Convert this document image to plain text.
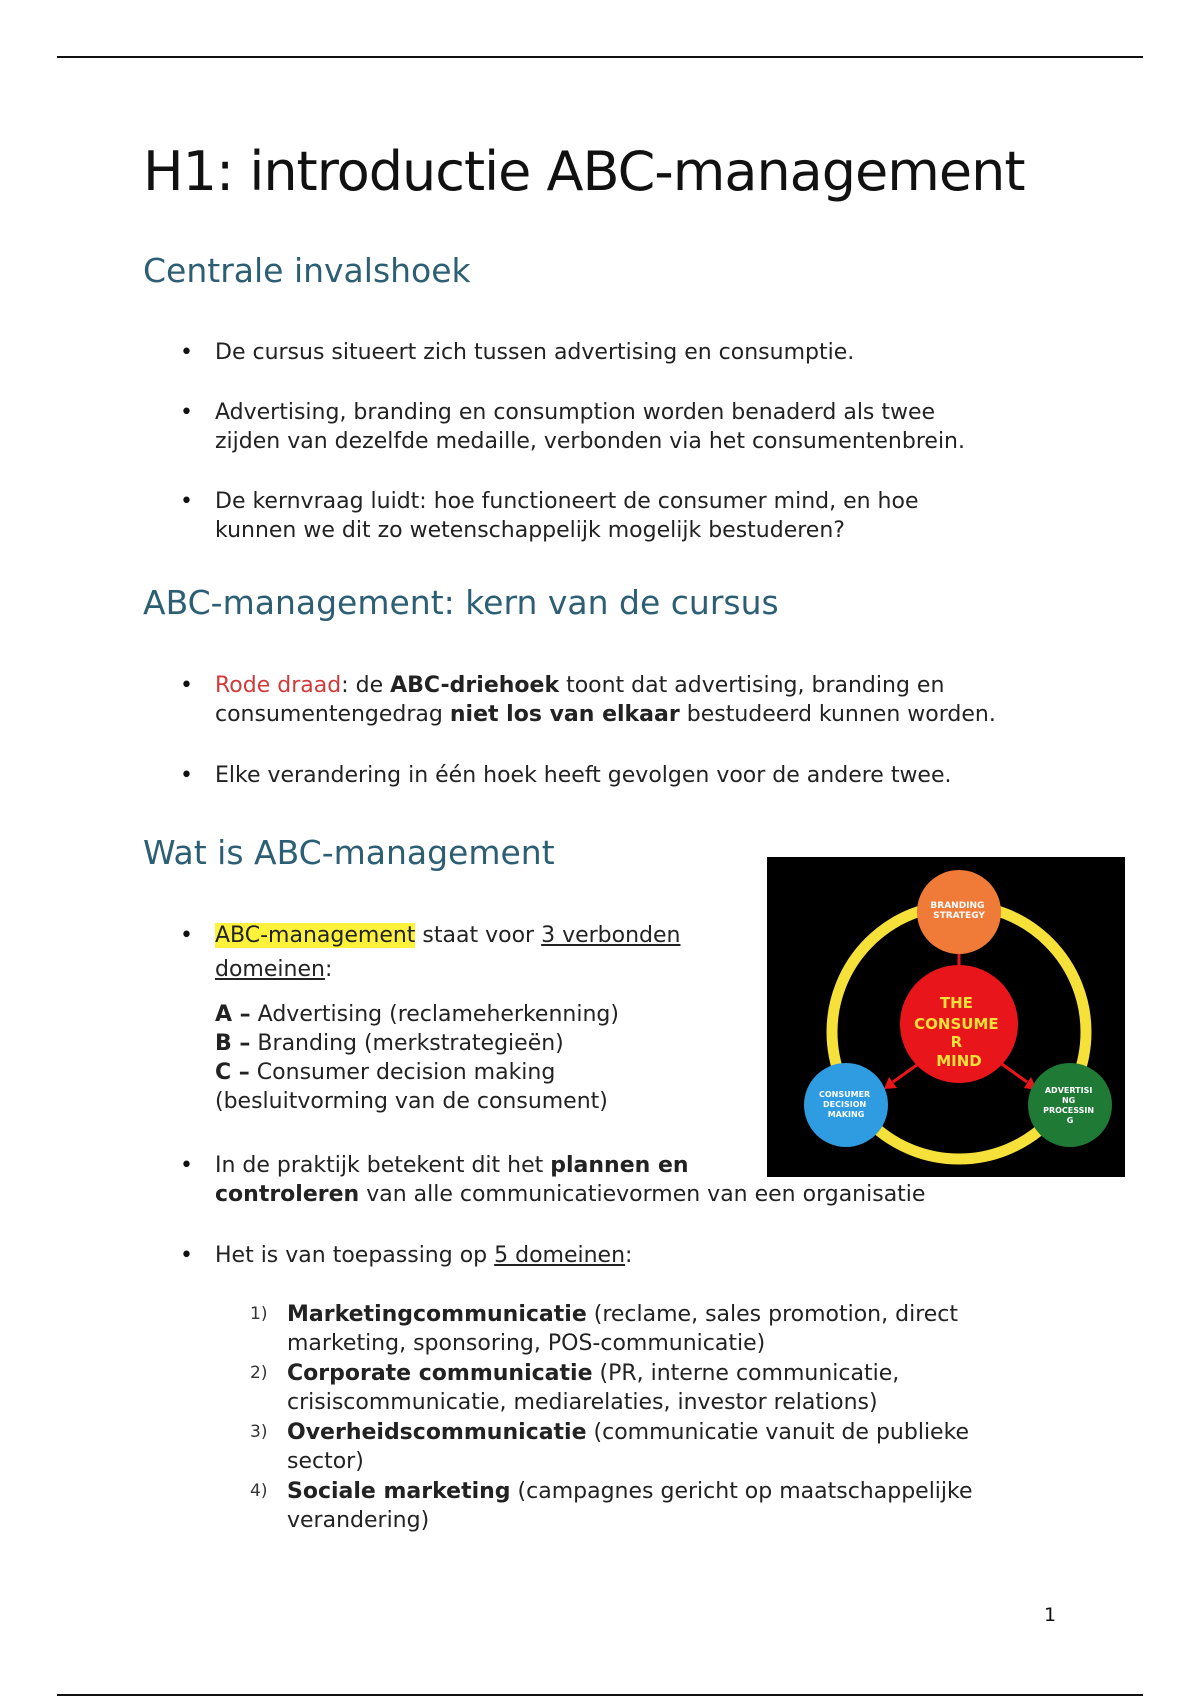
H1: introductie ABC-management
Centrale invalshoek
• De cursus situeert zich tussen advertising en consumptie.
• Advertising, branding en consumption worden benaderd als twee
zijden van dezelfde medaille, verbonden via het consumentenbrein.
• De kernvraag luidt: hoe functioneert de consumer mind, en hoe
kunnen we dit zo wetenschappelijk mogelijk bestuderen?
ABC-management: kern van de cursus
• Rode draad: de ABC-driehoek toont dat advertising, branding en
consumentengedrag niet los van elkaar bestudeerd kunnen worden.
• Elke verandering in één hoek heeft gevolgen voor de andere twee.
Wat is ABC-management
• ABC-management staat voor 3 verbonden
domeinen:
• In de praktijk betekent dit het plannen en
controleren van alle communicatievormen van een organisatie
• Het is van toepassing op 5 domeinen:
A – Advertising (reclameherkenning)
B – Branding (merkstrategieën)
C – Consumer decision making
(besluitvorming van de consument)
1) Marketingcommunicatie (reclame, sales promotion, direct
marketing, sponsoring, POS-communicatie)
2) Corporate communicatie (PR, interne communicatie,
crisiscommunicatie, mediarelaties, investor relations)
3) Overheidscommunicatie (communicatie vanuit de publieke
sector)
4) Sociale marketing (campagnes gericht op maatschappelijke
verandering)
BRANDING STRATEGY
THE CONSUME R MIND
CONSUMER DECISION MAKING
ADVERTISI NG PROCESSIN G
1
